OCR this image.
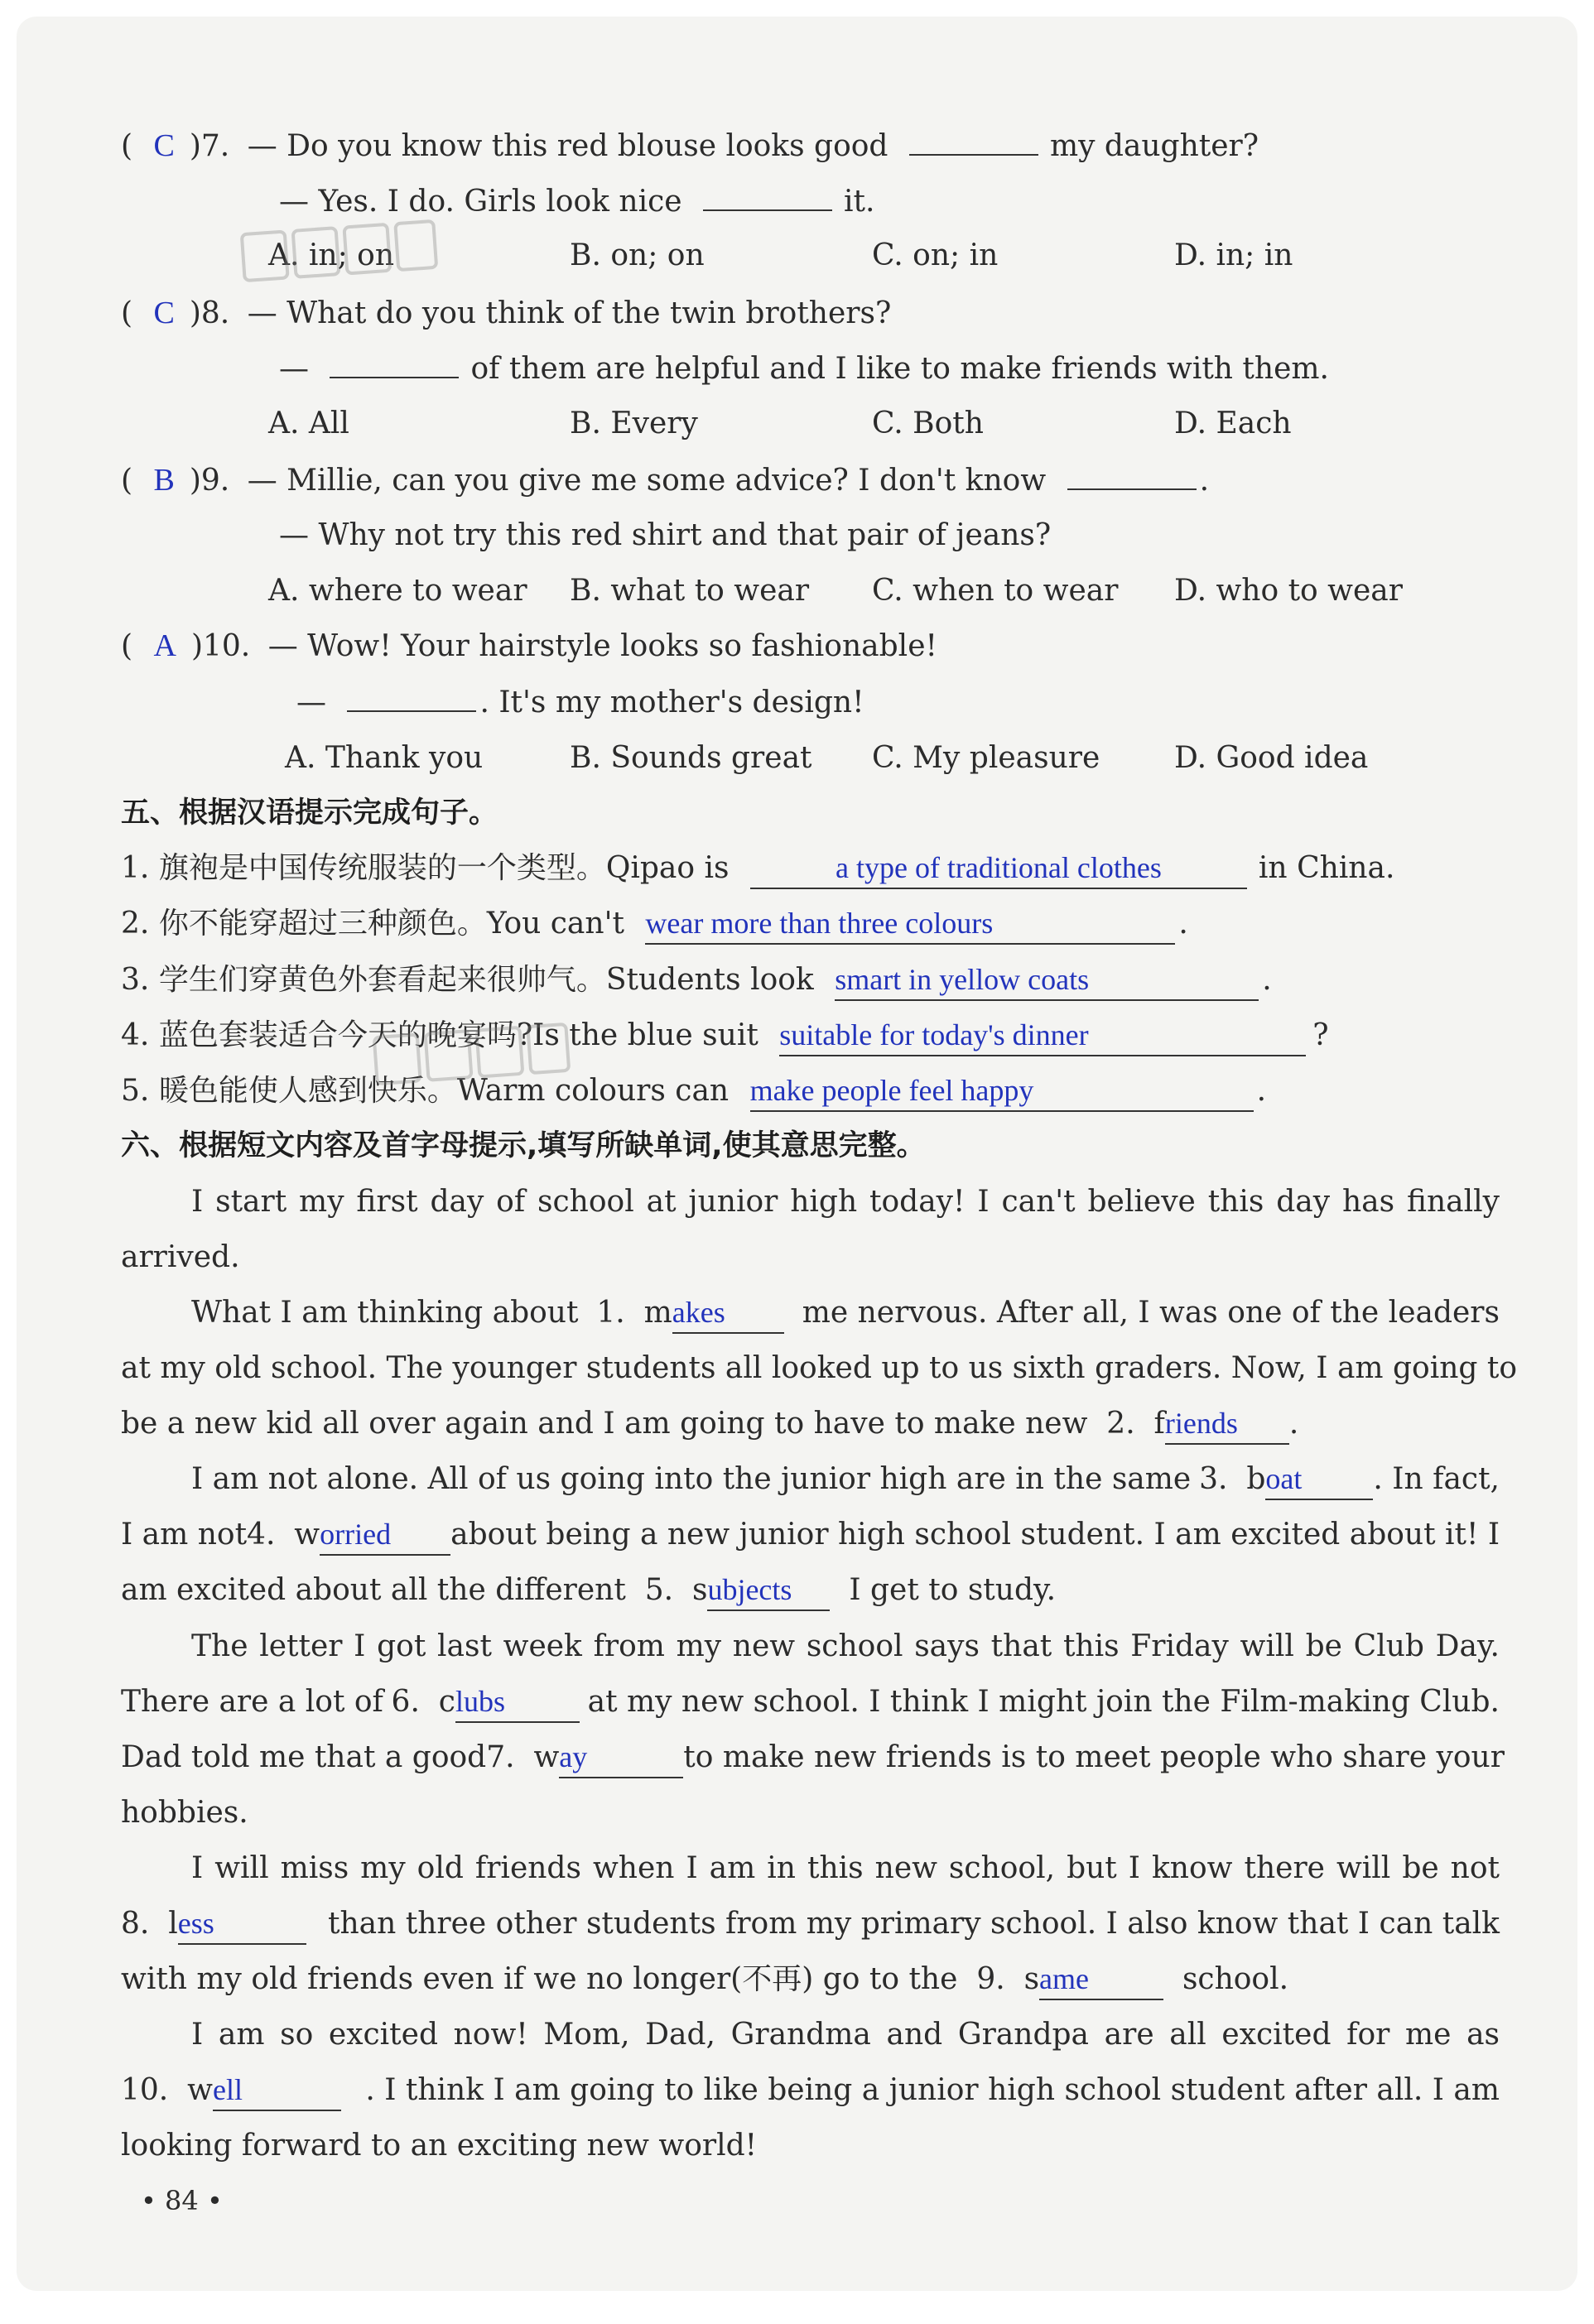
( C )7. — Do you know this red blouse looks good	my daughter?
— Yes. I do. Girls look nice	it.
A. in; on	B. on; on	C. on; in	D. in; in
( C )8. — What do you think of the twin brothers?
—	of them are helpful and I like to make friends with them.
A. All	B. Every	C. Both	D. Each
( B )9. — Millie, can you give me some advice? I don't know	.
— Why not try this red shirt and that pair of jeans?
A. where to wear B. what to wear C. when to wear D. who to wear
( A )10. — Wow! Your hairstyle looks so fashionable!
—	. It's my mother's design!
A. Thank you	B. Sounds great C. My pleasure D. Good idea
五、根据汉语提示完成句子。
1. 旗袍是中国传统服装的一个类型。Qipao is	a type of traditional clothes	in China.
2. 你不能穿超过三种颜色。You can't wear more than three colours	.
3. 学生们穿黄色外套看起来很帅气。Students look smart in yellow coats	.
4. 蓝色套装适合今天的晚宴吗?Is the blue suit suitable for today's dinner	?
5. 暖色能使人感到快乐。Warm colours can make people feel happy	.
六、根据短文内容及首字母提示,填写所缺单词,使其意思完整。
I start my first day of school at junior high today! I can't believe this day has finally
arrived.
What I am thinking about 1. makes	me nervous. After all, I was one of the leaders
at my old school. The younger students all looked up to us sixth graders. Now, I am going to
be a new kid all over again and I am going to have to make new 2. friends .
I am not alone. All of us going into the junior high are in the same 3. boat . In fact,
I am not 4. worried	about being a new junior high school student. I am excited about it! I
am excited about all the different 5. subjects I get to study.
The letter I got last week from my new school says that this Friday will be Club Day.
There are a lot of 6. clubs	at my new school. I think I might join the Film-making Club.
Dad told me that a good 7. way	to make new friends is to meet people who share your
hobbies.
I will miss my old friends when I am in this new school, but I know there will be not
8. less	than three other students from my primary school. I also know that I can talk
with my old friends even if we no longer(不再) go to the 9. same	school.
I am so excited now! Mom, Dad, Grandma and Grandpa are all excited for me as
10. well	. I think I am going to like being a junior high school student after all. I am
looking forward to an exciting new world!
• 84 •
